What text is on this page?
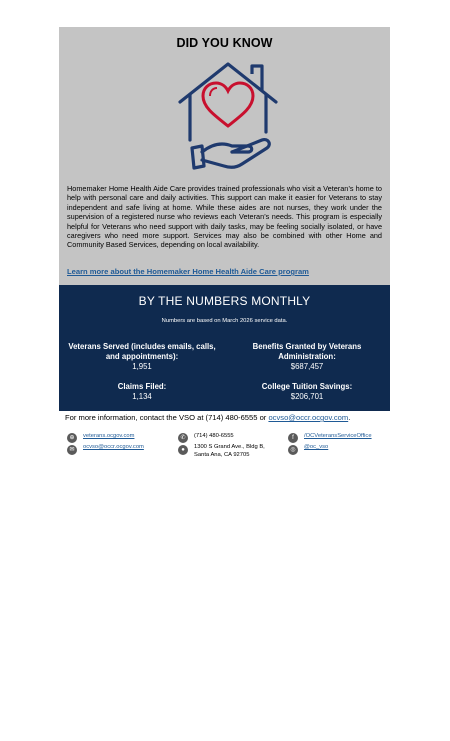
DID YOU KNOW

Homemaker Home Health Aide Care provides trained professionals who visit a Veteran’s home to help with personal care and daily activities. This support can make it easier for Veterans to stay independent and safe living at home. While these aides are not nurses, they work under the supervision of a registered nurse who reviews each Veteran’s needs. This program is especially helpful for Veterans who need support with daily tasks, may be feeling socially isolated, or have caregivers who need more support. Services may also be combined with other Home and Community Based Services, depending on local availability.

Learn more about the Homemaker Home Health Aide Care program
BY THE NUMBERS MONTHLY
Numbers are based on March 2026 service data.
Veterans Served (includes emails, calls, and appointments):
1,951
Benefits Granted by Veterans Administration:
$687,457
Claims Filed:
1,134
College Tuition Savings:
$206,701
For more information, contact the VSO at (714) 480-6555 or ocvso@occr.ocgov.com.
⊕	veterans.ocgov.com
✉	ocvso@occr.ocgov.com
✆	(714) 480-6555
●	1300 S Grand Ave., Bldg B, Santa Ana, CA 92705
f	/OCVeteransServiceOffice
◎	@oc_vso
